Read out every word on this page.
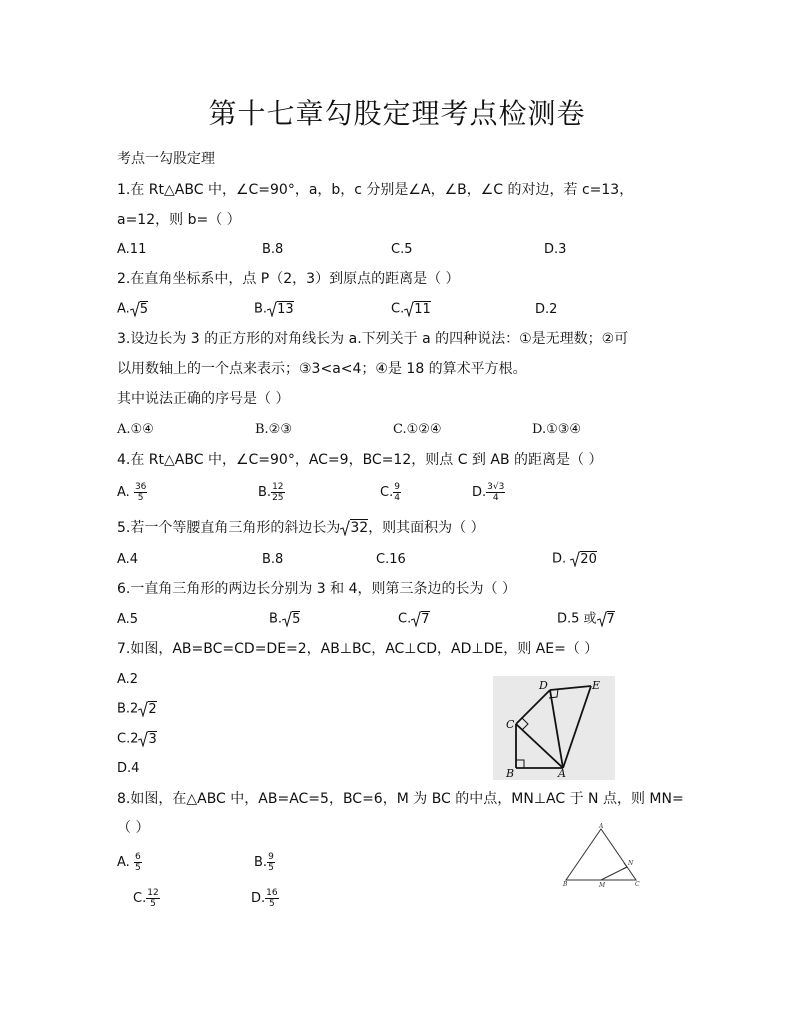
第十七章勾股定理考点检测卷
考点一勾股定理
1.在 Rt△ABC 中，∠C=90°，a，b，c 分别是∠A，∠B，∠C 的对边，若 c=13，
a=12，则 b=（ ）
A.11	B.8	C.5	D.3
2.在直角坐标系中，点 P（2，3）到原点的距离是（ ）
A. 5	B. 13	C. 11	D.2
3.设边长为 3 的正方形的对角线长为 a.下列关于 a 的四种说法：①是无理数；②可
以用数轴上的一个点来表示；③3<a<4；④是 18 的算术平方根。
其中说法正确的序号是（ ）
A.①④	B.②③	C.①②④	D.①③④
4.在 Rt△ABC 中，∠C=90°，AC=9，BC=12，则点 C 到 AB 的距离是（ ）
A. $\frac{36}{5}$	B. $\frac{12}{25}$	C. $\frac{9}{4}$	D. $\frac{3√3}{4}$
5.若一个等腰直角三角形的斜边长为 32，则其面积为（ ）
A.4	B.8	C.16	D. 20
6.一直角三角形的两边长分别为 3 和 4，则第三条边的长为（ ）
A.5	B. 5	C. 7	D.5 或 7
7.如图，AB=BC=CD=DE=2，AB⊥BC，AC⊥CD，AD⊥DE，则 AE=（ ）
A.2
B.2 2
C.2 3
D.4	A
B
C
D	E
8.如图，在△ABC 中，AB=AC=5，BC=6，M 为 BC 的中点，MN⊥AC 于 N 点，则 MN=
（ ）
A. $\frac{6}{5}$	B. $\frac{9}{5}$
C. $\frac{12}{5}$	D. $\frac{16}{5}$
A
B	C
M
N
